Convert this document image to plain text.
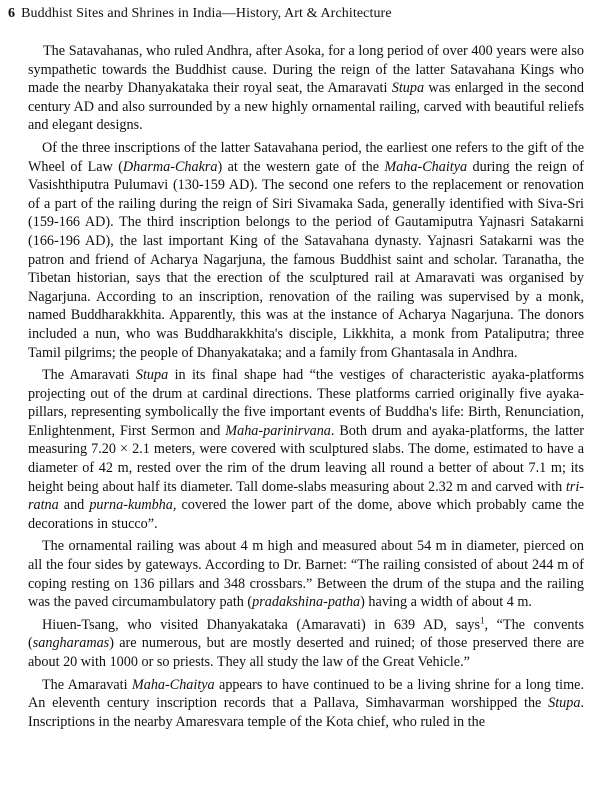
6 Buddhist Sites and Shrines in India—History, Art & Architecture

The Satavahanas, who ruled Andhra, after Asoka, for a long period of over 400 years were also sympathetic towards the Buddhist cause. During the reign of the latter Satavahana Kings who made the nearby Dhanyakataka their royal seat, the Amaravati Stupa was enlarged in the second century AD and also surrounded by a new highly ornamental railing, carved with beautiful reliefs and elegant designs.

Of the three inscriptions of the latter Satavahana period, the earliest one refers to the gift of the Wheel of Law (Dharma-Chakra) at the western gate of the Maha-Chaitya during the reign of Vasishthiputra Pulumavi (130-159 AD). The second one refers to the replacement or renovation of a part of the railing during the reign of Siri Sivamaka Sada, generally identified with Siva-Sri (159-166 AD). The third inscription belongs to the period of Gautamiputra Yajnasri Satakarni (166-196 AD), the last important King of the Satavahana dynasty. Yajnasri Satakarni was the patron and friend of Acharya Nagarjuna, the famous Buddhist saint and scholar. Taranatha, the Tibetan historian, says that the erection of the sculptured rail at Amaravati was organised by Nagarjuna. According to an inscription, renovation of the railing was supervised by a monk, named Buddharakkhita. Apparently, this was at the instance of Acharya Nagarjuna. The donors included a nun, who was Buddharakkhita's disciple, Likkhita, a monk from Pataliputra; three Tamil pilgrims; the people of Dhanyakataka; and a family from Ghantasala in Andhra.

The Amaravati Stupa in its final shape had “the vestiges of characteristic ayaka-platforms projecting out of the drum at cardinal directions. These platforms carried originally five ayaka-pillars, representing symbolically the five important events of Buddha's life: Birth, Renunciation, Enlightenment, First Sermon and Maha-parinirvana. Both drum and ayaka-platforms, the latter measuring 7.20 × 2.1 meters, were covered with sculptured slabs. The dome, estimated to have a diameter of 42 m, rested over the rim of the drum leaving all round a better of about 7.1 m; its height being about half its diameter. Tall dome-slabs measuring about 2.32 m and carved with tri-ratna and purna-kumbha, covered the lower part of the dome, above which probably came the decorations in stucco”.

The ornamental railing was about 4 m high and measured about 54 m in diameter, pierced on all the four sides by gateways. According to Dr. Barnet: “The railing consisted of about 244 m of coping resting on 136 pillars and 348 crossbars.” Between the drum of the stupa and the railing was the paved circumambulatory path (pradakshina-patha) having a width of about 4 m.

Hiuen-Tsang, who visited Dhanyakataka (Amaravati) in 639 AD, says$^1$, “The convents (sangharamas) are numerous, but are mostly deserted and ruined; of those preserved there are about 20 with 1000 or so priests. They all study the law of the Great Vehicle.”

The Amaravati Maha-Chaitya appears to have continued to be a living shrine for a long time. An eleventh century inscription records that a Pallava, Simhavarman worshipped the Stupa. Inscriptions in the nearby Amaresvara temple of the Kota chief, who ruled in the
